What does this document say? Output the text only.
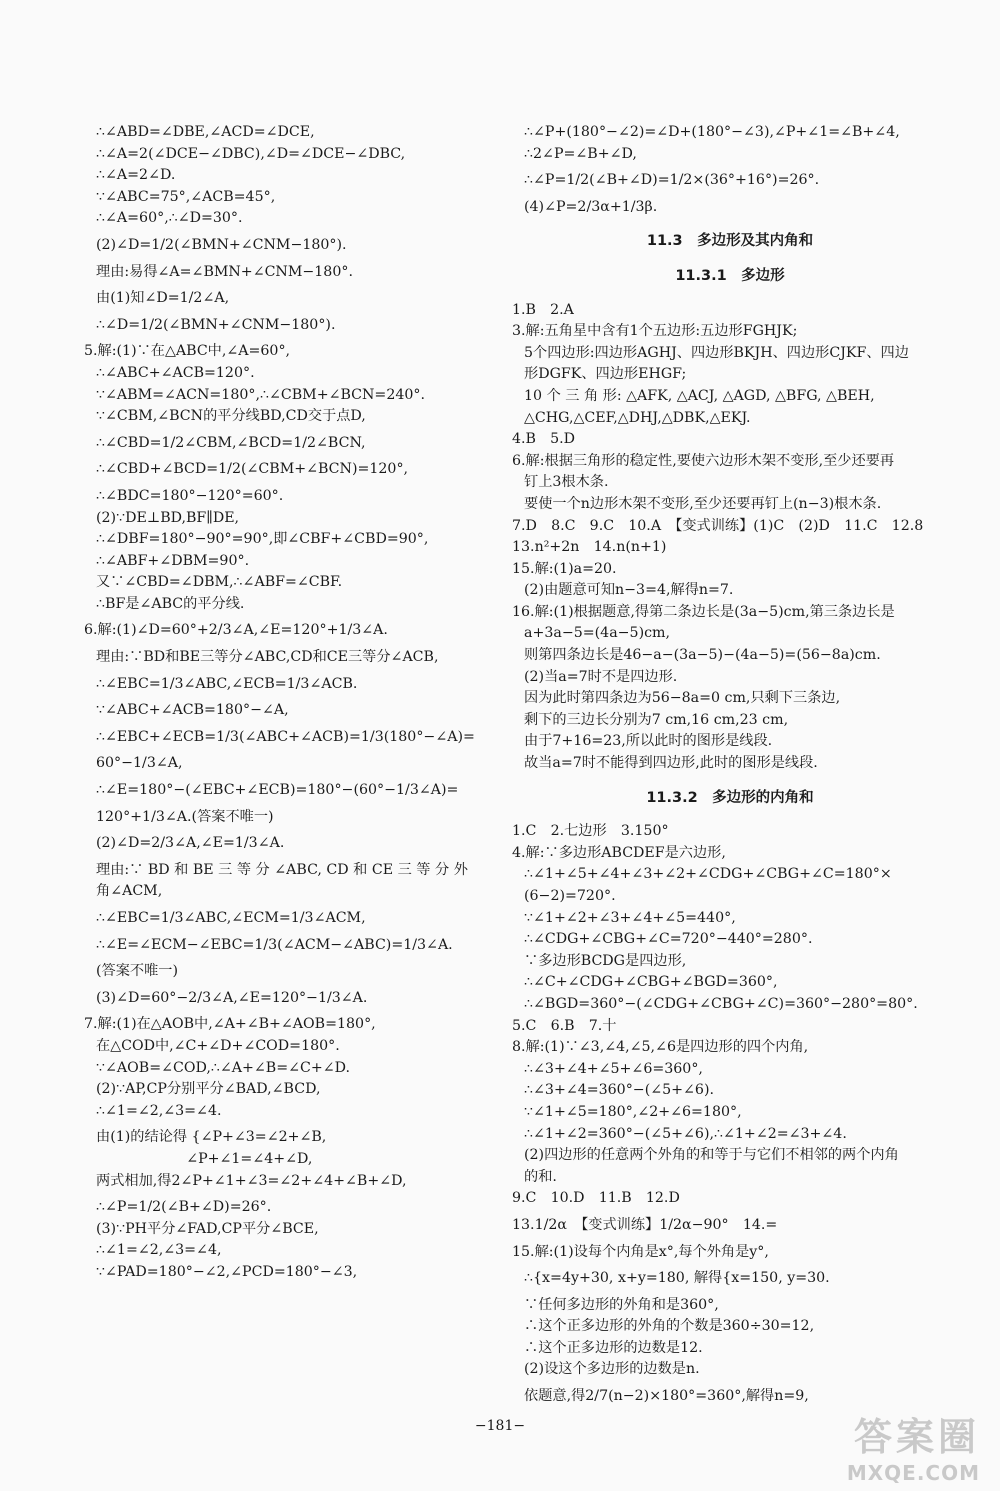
∴∠ABD=∠DBE,∠ACD=∠DCE,
∴∠A=2(∠DCE−∠DBC),∠D=∠DCE−∠DBC,
∴∠A=2∠D.
∵∠ABC=75°,∠ACB=45°,
∴∠A=60°,∴∠D=30°.
(2)∠D=1/2(∠BMN+∠CNM−180°).
理由:易得∠A=∠BMN+∠CNM−180°.
由(1)知∠D=1/2∠A,
∴∠D=1/2(∠BMN+∠CNM−180°).
5.解:(1)∵在△ABC中,∠A=60°,
∴∠ABC+∠ACB=120°.
∵∠ABM=∠ACN=180°,∴∠CBM+∠BCN=240°.
∵∠CBM,∠BCN的平分线BD,CD交于点D,
∴∠CBD=1/2∠CBM,∠BCD=1/2∠BCN,
∴∠CBD+∠BCD=1/2(∠CBM+∠BCN)=120°,
∴∠BDC=180°−120°=60°.
(2)∵DE⊥BD,BF∥DE,
∴∠DBF=180°−90°=90°,即∠CBF+∠CBD=90°,
∴∠ABF+∠DBM=90°.
又∵∠CBD=∠DBM,∴∠ABF=∠CBF.
∴BF是∠ABC的平分线.
6.解:(1)∠D=60°+2/3∠A,∠E=120°+1/3∠A.
理由:∵BD和BE三等分∠ABC,CD和CE三等分∠ACB,
∴∠EBC=1/3∠ABC,∠ECB=1/3∠ACB.
∵∠ABC+∠ACB=180°−∠A,
∴∠EBC+∠ECB=1/3(∠ABC+∠ACB)=1/3(180°−∠A)=
60°−1/3∠A,
∴∠E=180°−(∠EBC+∠ECB)=180°−(60°−1/3∠A)=
120°+1/3∠A.(答案不唯一)
(2)∠D=2/3∠A,∠E=1/3∠A.
理由:∵ BD 和 BE 三 等 分 ∠ABC, CD 和 CE 三 等 分 外
角∠ACM,
∴∠EBC=1/3∠ABC,∠ECM=1/3∠ACM,
∴∠E=∠ECM−∠EBC=1/3(∠ACM−∠ABC)=1/3∠A.
(答案不唯一)
(3)∠D=60°−2/3∠A,∠E=120°−1/3∠A.
7.解:(1)在△AOB中,∠A+∠B+∠AOB=180°,
在△COD中,∠C+∠D+∠COD=180°.
∵∠AOB=∠COD,∴∠A+∠B=∠C+∠D.
(2)∵AP,CP分别平分∠BAD,∠BCD,
∴∠1=∠2,∠3=∠4.
由(1)的结论得 {∠P+∠3=∠2+∠B,
∠P+∠1=∠4+∠D,
两式相加,得2∠P+∠1+∠3=∠2+∠4+∠B+∠D,
∴∠P=1/2(∠B+∠D)=26°.
(3)∵PH平分∠FAD,CP平分∠BCE,
∴∠1=∠2,∠3=∠4,
∵∠PAD=180°−∠2,∠PCD=180°−∠3,
∴∠P+(180°−∠2)=∠D+(180°−∠3),∠P+∠1=∠B+∠4,
∴2∠P=∠B+∠D,
∴∠P=1/2(∠B+∠D)=1/2×(36°+16°)=26°.
(4)∠P=2/3α+1/3β.
11.3　多边形及其内角和
11.3.1　多边形
1.B　2.A
3.解:五角星中含有1个五边形:五边形FGHJK;
5个四边形:四边形AGHJ、四边形BKJH、四边形CJKF、四边
形DGFK、四边形EHGF;
10 个 三 角 形: △AFK, △ACJ, △AGD, △BFG, △BEH,
△CHG,△CEF,△DHJ,△DBK,△EKJ.
4.B　5.D
6.解:根据三角形的稳定性,要使六边形木架不变形,至少还要再
钉上3根木条.
要使一个n边形木架不变形,至少还要再钉上(n−3)根木条.
7.D　8.C　9.C　10.A　【变式训练】(1)C　(2)D　11.C　12.8
13.n²+2n　14.n(n+1)
15.解:(1)a=20.
(2)由题意可知n−3=4,解得n=7.
16.解:(1)根据题意,得第二条边长是(3a−5)cm,第三条边长是
a+3a−5=(4a−5)cm,
则第四条边长是46−a−(3a−5)−(4a−5)=(56−8a)cm.
(2)当a=7时不是四边形.
因为此时第四条边为56−8a=0 cm,只剩下三条边,
剩下的三边长分别为7 cm,16 cm,23 cm,
由于7+16=23,所以此时的图形是线段.
故当a=7时不能得到四边形,此时的图形是线段.
11.3.2　多边形的内角和
1.C　2.七边形　3.150°
4.解:∵多边形ABCDEF是六边形,
∴∠1+∠5+∠4+∠3+∠2+∠CDG+∠CBG+∠C=180°×
(6−2)=720°.
∵∠1+∠2+∠3+∠4+∠5=440°,
∴∠CDG+∠CBG+∠C=720°−440°=280°.
∵多边形BCDG是四边形,
∴∠C+∠CDG+∠CBG+∠BGD=360°,
∴∠BGD=360°−(∠CDG+∠CBG+∠C)=360°−280°=80°.
5.C　6.B　7.十
8.解:(1)∵∠3,∠4,∠5,∠6是四边形的四个内角,
∴∠3+∠4+∠5+∠6=360°,
∴∠3+∠4=360°−(∠5+∠6).
∵∠1+∠5=180°,∠2+∠6=180°,
∴∠1+∠2=360°−(∠5+∠6),∴∠1+∠2=∠3+∠4.
(2)四边形的任意两个外角的和等于与它们不相邻的两个内角
的和.
9.C　10.D　11.B　12.D
13.1/2α　【变式训练】1/2α−90°　14.=
15.解:(1)设每个内角是x°,每个外角是y°,
∴{x=4y+30, x+y=180, 解得{x=150, y=30.
∵任何多边形的外角和是360°,
∴这个正多边形的外角的个数是360÷30=12,
∴这个正多边形的边数是12.
(2)设这个多边形的边数是n.
依题意,得2/7(n−2)×180°=360°,解得n=9,
−181−	答案圈
MXQE.COM
